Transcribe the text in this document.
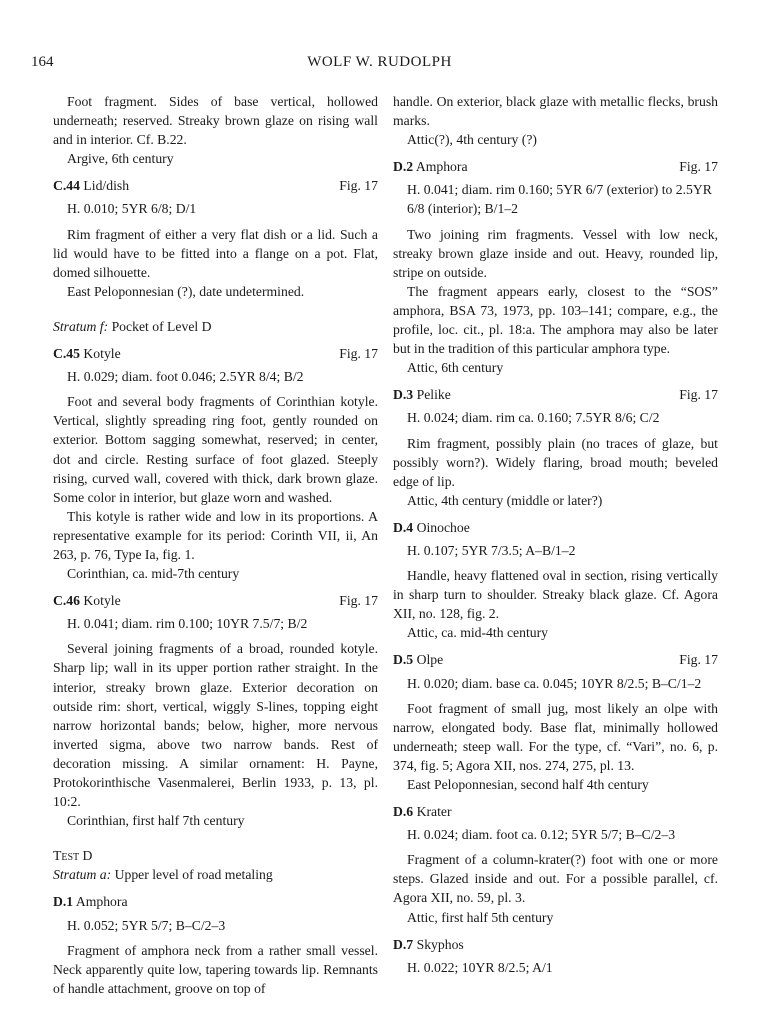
164	WOLF W. RUDOLPH

Foot fragment. Sides of base vertical, hollowed underneath; reserved. Streaky brown glaze on rising wall and in interior. Cf. B.22.

Argive, 6th century

C.44 Lid/dish	Fig. 17
H. 0.010; 5YR 6/8; D/1

Rim fragment of either a very flat dish or a lid. Such a lid would have to be fitted into a flange on a pot. Flat, domed silhouette.

East Peloponnesian (?), date undetermined.

Stratum f: Pocket of Level D

C.45 Kotyle	Fig. 17
H. 0.029; diam. foot 0.046; 2.5YR 8/4; B/2

Foot and several body fragments of Corinthian kotyle. Vertical, slightly spreading ring foot, gently rounded on exterior. Bottom sagging somewhat, reserved; in center, dot and circle. Resting surface of foot glazed. Steeply rising, curved wall, covered with thick, dark brown glaze. Some color in interior, but glaze worn and washed.

This kotyle is rather wide and low in its proportions. A representative example for its period: Corinth VII, ii, An 263, p. 76, Type Ia, fig. 1.

Corinthian, ca. mid-7th century

C.46 Kotyle	Fig. 17
H. 0.041; diam. rim 0.100; 10YR 7.5/7; B/2

Several joining fragments of a broad, rounded kotyle. Sharp lip; wall in its upper portion rather straight. In the interior, streaky brown glaze. Exterior decoration on outside rim: short, vertical, wiggly S-lines, topping eight narrow horizontal bands; below, higher, more nervous inverted sigma, above two narrow bands. Rest of decoration missing. A similar ornament: H. Payne, Protokorinthische Vasenmalerei, Berlin 1933, p. 13, pl. 10:2.

Corinthian, first half 7th century

Test D

Stratum a: Upper level of road metaling

D.1 Amphora
H. 0.052; 5YR 5/7; B–C/2–3

Fragment of amphora neck from a rather small vessel. Neck apparently quite low, tapering towards lip. Remnants of handle attachment, groove on top of

handle. On exterior, black glaze with metallic flecks, brush marks.

Attic(?), 4th century (?)

D.2 Amphora	Fig. 17
H. 0.041; diam. rim 0.160; 5YR 6/7 (exterior) to 2.5YR 6/8 (interior); B/1–2

Two joining rim fragments. Vessel with low neck, streaky brown glaze inside and out. Heavy, rounded lip, stripe on outside.

The fragment appears early, closest to the “SOS” amphora, BSA 73, 1973, pp. 103–141; compare, e.g., the profile, loc. cit., pl. 18:a. The amphora may also be later but in the tradition of this particular amphora type.

Attic, 6th century

D.3 Pelike	Fig. 17
H. 0.024; diam. rim ca. 0.160; 7.5YR 8/6; C/2

Rim fragment, possibly plain (no traces of glaze, but possibly worn?). Widely flaring, broad mouth; beveled edge of lip.

Attic, 4th century (middle or later?)

D.4 Oinochoe
H. 0.107; 5YR 7/3.5; A–B/1–2

Handle, heavy flattened oval in section, rising vertically in sharp turn to shoulder. Streaky black glaze. Cf. Agora XII, no. 128, fig. 2.

Attic, ca. mid-4th century

D.5 Olpe	Fig. 17
H. 0.020; diam. base ca. 0.045; 10YR 8/2.5; B–C/1–2

Foot fragment of small jug, most likely an olpe with narrow, elongated body. Base flat, minimally hollowed underneath; steep wall. For the type, cf. “Vari”, no. 6, p. 374, fig. 5; Agora XII, nos. 274, 275, pl. 13.

East Peloponnesian, second half 4th century

D.6 Krater
H. 0.024; diam. foot ca. 0.12; 5YR 5/7; B–C/2–3

Fragment of a column-krater(?) foot with one or more steps. Glazed inside and out. For a possible parallel, cf. Agora XII, no. 59, pl. 3.

Attic, first half 5th century

D.7 Skyphos
H. 0.022; 10YR 8/2.5; A/1
